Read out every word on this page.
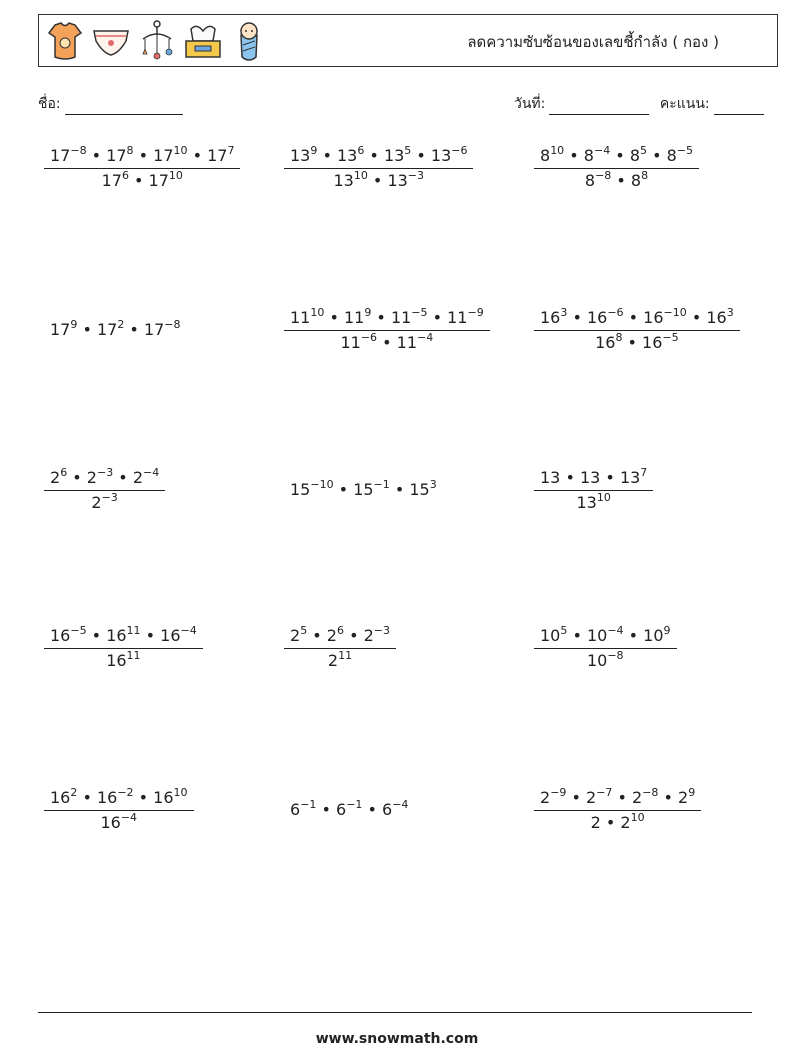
ลดความซับซ้อนของเลขชี้กำลัง ( กอง )
ชื่อ:	วันที่:	คะแนน:
$\frac{17^{-8} • 17^8 • 17^{10} • 17^7}{17^6 • 17^{10}}$	$\frac{13^9 • 13^6 • 13^5 • 13^{-6}}{13^{10} • 13^{-3}}$	$\frac{8^{10} • 8^{-4} • 8^5 • 8^{-5}}{8^{-8} • 8^8}$
$17^9$ • $17^2$ • $17^{-8}$	$\frac{11^{10} • 11^9 • 11^{-5} • 11^{-9}}{11^{-6} • 11^{-4}}$	$\frac{16^3 • 16^{-6} • 16^{-10} • 16^3}{16^8 • 16^{-5}}$
$\frac{2^6 • 2^{-3} • 2^{-4}}{2^{-3}}$	$15^{-10}$ • $15^{-1}$ • $15^3$	$\frac{13 • 13 • 13^7}{13^{10}}$
$\frac{16^{-5} • 16^{11} • 16^{-4}}{16^{11}}$	$\frac{2^5 • 2^6 • 2^{-3}}{2^{11}}$	$\frac{10^5 • 10^{-4} • 10^9}{10^{-8}}$
$\frac{16^2 • 16^{-2} • 16^{10}}{16^{-4}}$	$6^{-1}$ • $6^{-1}$ • $6^{-4}$	$\frac{2^{-9} • 2^{-7} • 2^{-8} • 2^9}{2 • 2^{10}}$
www.snowmath.com
